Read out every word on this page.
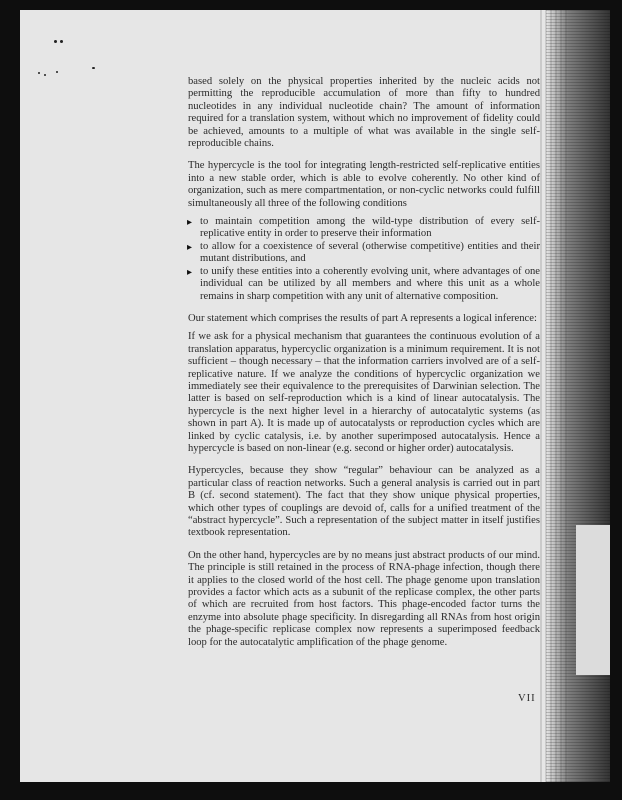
based solely on the physical properties inherited by the nucleic acids not permitting the reproducible accumulation of more than fifty to hundred nucleotides in any individual nucleotide chain? The amount of information required for a translation system, without which no improvement of fidelity could be achieved, amounts to a multiple of what was available in the single self-reproducible chains.

The hypercycle is the tool for integrating length-restricted self-replicative entities into a new stable order, which is able to evolve coherently. No other kind of organization, such as mere compartmentation, or non-cyclic networks could fulfill simultaneously all three of the following conditions

▸ to maintain competition among the wild-type distribution of every self-replicative entity in order to preserve their information
▸ to allow for a coexistence of several (otherwise competitive) entities and their mutant distributions, and
▸ to unify these entities into a coherently evolving unit, where advantages of one individual can be utilized by all members and where this unit as a whole remains in sharp competition with any unit of alternative composition.

Our statement which comprises the results of part A represents a logical inference:

If we ask for a physical mechanism that guarantees the continuous evolution of a translation apparatus, hypercyclic organization is a minimum requirement. It is not sufficient – though necessary – that the information carriers involved are of a self-replicative nature. If we analyze the conditions of hypercyclic organization we immediately see their equivalence to the prerequisites of Darwinian selection. The latter is based on self-reproduction which is a kind of linear autocatalysis. The hypercycle is the next higher level in a hierarchy of autocatalytic systems (as shown in part A). It is made up of autocatalysts or reproduction cycles which are linked by cyclic catalysis, i.e. by another superimposed autocatalysis. Hence a hypercycle is based on non-linear (e.g. second or higher order) autocatalysis.

Hypercycles, because they show “regular” behaviour can be analyzed as a particular class of reaction networks. Such a general analysis is carried out in part B (cf. second statement). The fact that they show unique physical properties, which other types of couplings are devoid of, calls for a unified treatment of the “abstract hypercycle”. Such a representation of the subject matter in itself justifies textbook representation.

On the other hand, hypercycles are by no means just abstract products of our mind. The principle is still retained in the process of RNA-phage infection, though there it applies to the closed world of the host cell. The phage genome upon translation provides a factor which acts as a subunit of the replicase complex, the other parts of which are recruited from host factors. This phage-encoded factor turns the enzyme into absolute phage specificity. In disregarding all RNAs from host origin the phage-specific replicase complex now represents a superimposed feedback loop for the autocatalytic amplification of the phage genome.

VII
